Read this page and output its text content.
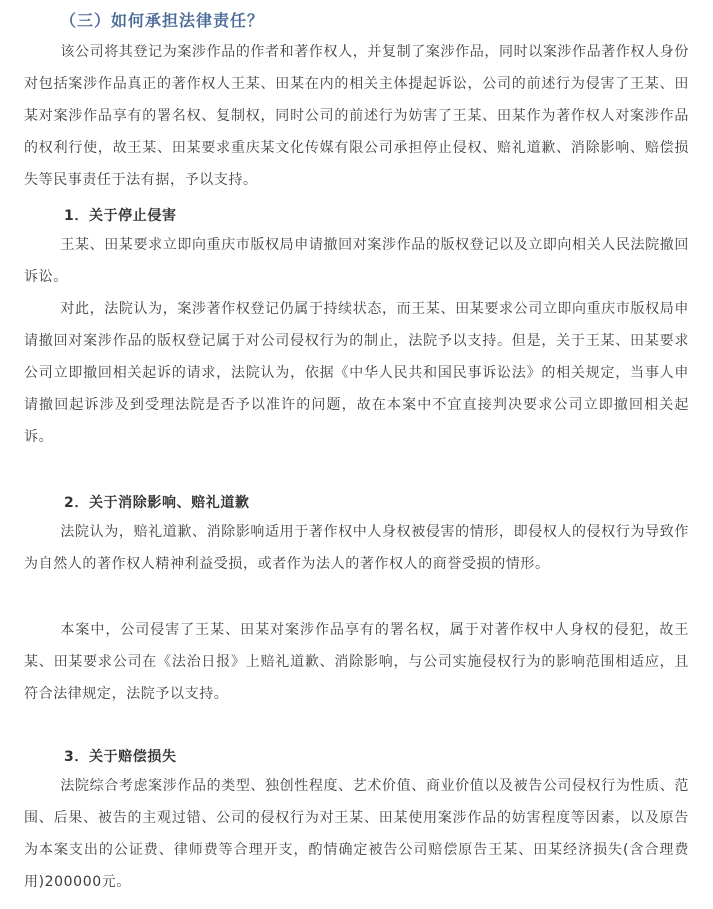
（三）如何承担法律责任？
该公司将其登记为案涉作品的作者和著作权人，并复制了案涉作品，同时以案涉作品著作权人身份对包括案涉作品真正的著作权人王某、田某在内的相关主体提起诉讼，公司的前述行为侵害了王某、田某对案涉作品享有的署名权、复制权，同时公司的前述行为妨害了王某、田某作为著作权人对案涉作品的权利行使，故王某、田某要求重庆某文化传媒有限公司承担停止侵权、赔礼道歉、消除影响、赔偿损失等民事责任于法有据，予以支持。
1．关于停止侵害
王某、田某要求立即向重庆市版权局申请撤回对案涉作品的版权登记以及立即向相关人民法院撤回诉讼。
对此，法院认为，案涉著作权登记仍属于持续状态，而王某、田某要求公司立即向重庆市版权局申请撤回对案涉作品的版权登记属于对公司侵权行为的制止，法院予以支持。但是，关于王某、田某要求公司立即撤回相关起诉的请求，法院认为，依据《中华人民共和国民事诉讼法》的相关规定，当事人申请撤回起诉涉及到受理法院是否予以准许的问题，故在本案中不宜直接判决要求公司立即撤回相关起诉。
2．关于消除影响、赔礼道歉
法院认为，赔礼道歉、消除影响适用于著作权中人身权被侵害的情形，即侵权人的侵权行为导致作为自然人的著作权人精神利益受损，或者作为法人的著作权人的商誉受损的情形。
本案中，公司侵害了王某、田某对案涉作品享有的署名权，属于对著作权中人身权的侵犯，故王某、田某要求公司在《法治日报》上赔礼道歉、消除影响，与公司实施侵权行为的影响范围相适应，且符合法律规定，法院予以支持。
3．关于赔偿损失
法院综合考虑案涉作品的类型、独创性程度、艺术价值、商业价值以及被告公司侵权行为性质、范围、后果、被告的主观过错、公司的侵权行为对王某、田某使用案涉作品的妨害程度等因素，以及原告为本案支出的公证费、律师费等合理开支，酌情确定被告公司赔偿原告王某、田某经济损失(含合理费用)200000元。
